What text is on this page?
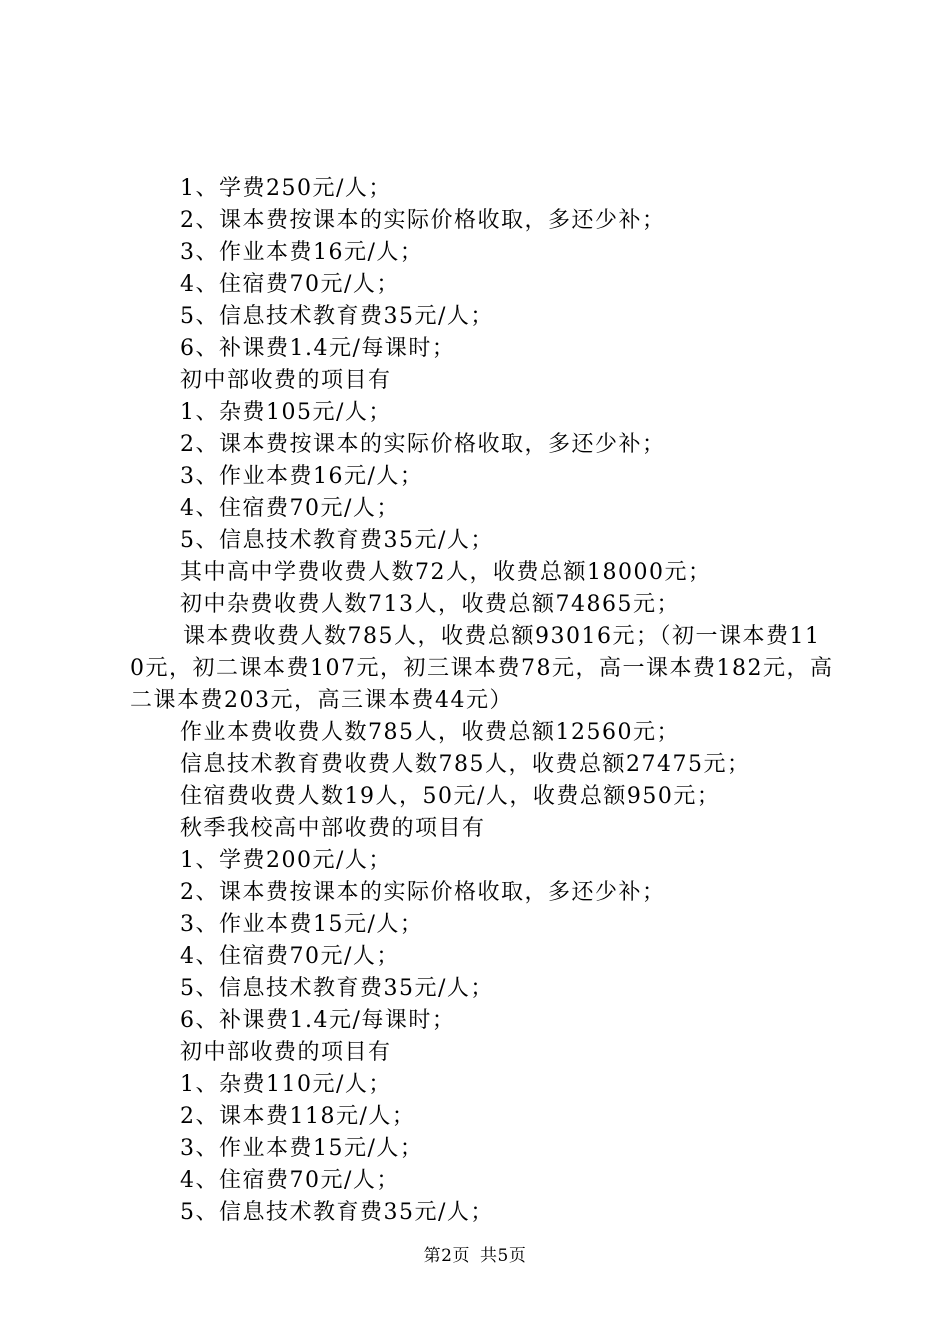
1、学费250元/人；
2、课本费按课本的实际价格收取，多还少补；
3、作业本费16元/人；
4、住宿费70元/人；
5、信息技术教育费35元/人；
6、补课费1.4元/每课时；
初中部收费的项目有
1、杂费105元/人；
2、课本费按课本的实际价格收取，多还少补；
3、作业本费16元/人；
4、住宿费70元/人；
5、信息技术教育费35元/人；
其中高中学费收费人数72人，收费总额18000元；
初中杂费收费人数713人，收费总额74865元；
课本费收费人数785人，收费总额93016元；（初一课本费110元，初二课本费107元，初三课本费78元，高一课本费182元，高二课本费203元，高三课本费44元）
作业本费收费人数785人，收费总额12560元；
信息技术教育费收费人数785人，收费总额27475元；
住宿费收费人数19人，50元/人，收费总额950元；
秋季我校高中部收费的项目有
1、学费200元/人；
2、课本费按课本的实际价格收取，多还少补；
3、作业本费15元/人；
4、住宿费70元/人；
5、信息技术教育费35元/人；
6、补课费1.4元/每课时；
初中部收费的项目有
1、杂费110元/人；
2、课本费118元/人；
3、作业本费15元/人；
4、住宿费70元/人；
5、信息技术教育费35元/人；
第2页 共5页
